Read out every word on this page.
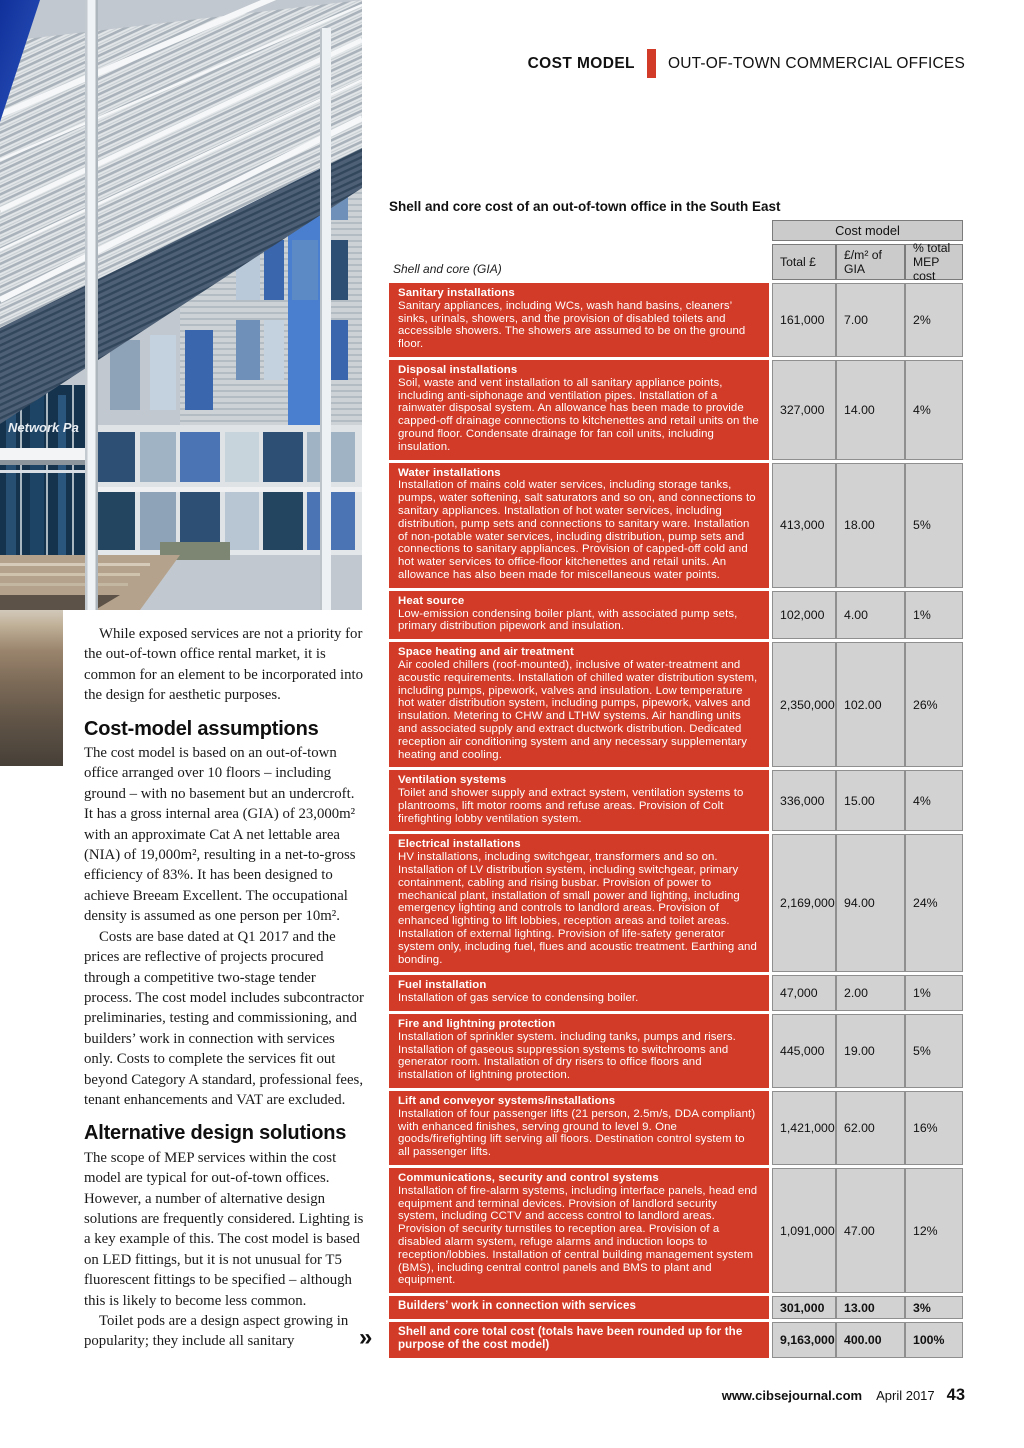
Network Pa
COST MODEL OUT-OF-TOWN COMMERCIAL OFFICES

While exposed services are not a priority for the out-of-town office rental market, it is common for an element to be incorporated into the design for aesthetic purposes.

Cost-model assumptions

The cost model is based on an out-of-town office arranged over 10 floors – including ground – with no basement but an undercroft. It has a gross internal area (GIA) of 23,000m² with an approximate Cat A net lettable area (NIA) of 19,000m², resulting in a net-to-gross efficiency of 83%. It has been designed to achieve Breeam Excellent. The occupational density is assumed as one person per 10m².

Costs are base dated at Q1 2017 and the prices are reflective of projects procured through a competitive two-stage tender process. The cost model includes subcontractor preliminaries, testing and commissioning, and builders’ work in connection with services only. Costs to complete the services fit out beyond Category A standard, professional fees, tenant enhancements and VAT are excluded.

Alternative design solutions

The scope of MEP services within the cost model are typical for out-of-town offices. However, a number of alternative design solutions are frequently considered. Lighting is a key example of this. The cost model is based on LED fittings, but it is not unusual for T5 fluorescent fittings to be specified – although this is likely to become less common.

Toilet pods are a design aspect growing in popularity; they include all sanitary	»
Shell and core cost of an out-of-town office in the South East
Cost model
Shell and core (GIA)
Total £
£/m² of GIA
% total MEP cost
Sanitary installations
Sanitary appliances, including WCs, wash hand basins, cleaners’ sinks, urinals, showers, and the provision of disabled toilets and accessible showers. The showers are assumed to be on the ground floor.
161,000	7.00	2%
Disposal installations
Soil, waste and vent installation to all sanitary appliance points, including anti-siphonage and ventilation pipes. Installation of a rainwater disposal system. An allowance has been made to provide capped-off drainage connections to kitchenettes and retail units on the ground floor. Condensate drainage for fan coil units, including insulation.
327,000	14.00	4%
Water installations
Installation of mains cold water services, including storage tanks, pumps, water softening, salt saturators and so on, and connections to sanitary appliances. Installation of hot water services, including distribution, pump sets and connections to sanitary ware. Installation of non-potable water services, including distribution, pump sets and connections to sanitary appliances. Provision of capped-off cold and hot water services to office-floor kitchenettes and retail units. An allowance has also been made for miscellaneous water points.
413,000	18.00	5%
Heat source
Low-emission condensing boiler plant, with associated pump sets, primary distribution pipework and insulation.
102,000	4.00	1%
Space heating and air treatment
Air cooled chillers (roof-mounted), inclusive of water-treatment and acoustic requirements. Installation of chilled water distribution system, including pumps, pipework, valves and insulation. Low temperature hot water distribution system, including pumps, pipework, valves and insulation. Metering to CHW and LTHW systems. Air handling units and associated supply and extract ductwork distribution. Dedicated reception air conditioning system and any necessary supplementary heating and cooling.
2,350,000 102.00	26%
Ventilation systems
Toilet and shower supply and extract system, ventilation systems to plantrooms, lift motor rooms and refuse areas. Provision of Colt firefighting lobby ventilation system.
336,000	15.00	4%
Electrical installations
HV installations, including switchgear, transformers and so on. Installation of LV distribution system, including switchgear, primary containment, cabling and rising busbar. Provision of power to mechanical plant, installation of small power and lighting, including emergency lighting and controls to landlord areas. Provision of enhanced lighting to lift lobbies, reception areas and toilet areas. Installation of external lighting. Provision of life-safety generator system only, including fuel, flues and acoustic treatment. Earthing and bonding.
2,169,000 94.00	24%
Fuel installation
Installation of gas service to condensing boiler.	47,000	2.00	1%
Fire and lightning protection
Installation of sprinkler system. including tanks, pumps and risers. Installation of gaseous suppression systems to switchrooms and generator room. Installation of dry risers to office floors and installation of lightning protection.
445,000	19.00	5%
Lift and conveyor systems/installations
Installation of four passenger lifts (21 person, 2.5m/s, DDA compliant) with enhanced finishes, serving ground to level 9. One goods/firefighting lift serving all floors. Destination control system to all passenger lifts.
1,421,000 62.00	16%
Communications, security and control systems
Installation of fire-alarm systems, including interface panels, head end equipment and terminal devices. Provision of landlord security system, including CCTV and access control to landlord areas. Provision of security turnstiles to reception area. Provision of a disabled alarm system, refuge alarms and induction loops to reception/lobbies. Installation of central building management system (BMS), including central control panels and BMS to plant and equipment.
1,091,000 47.00	12%
Builders’ work in connection with services	301,000	13.00	3%
Shell and core total cost (totals have been rounded up for the purpose of the cost model)	9,163,000 400.00	100%
www.cibsejournal.com April 2017 43
